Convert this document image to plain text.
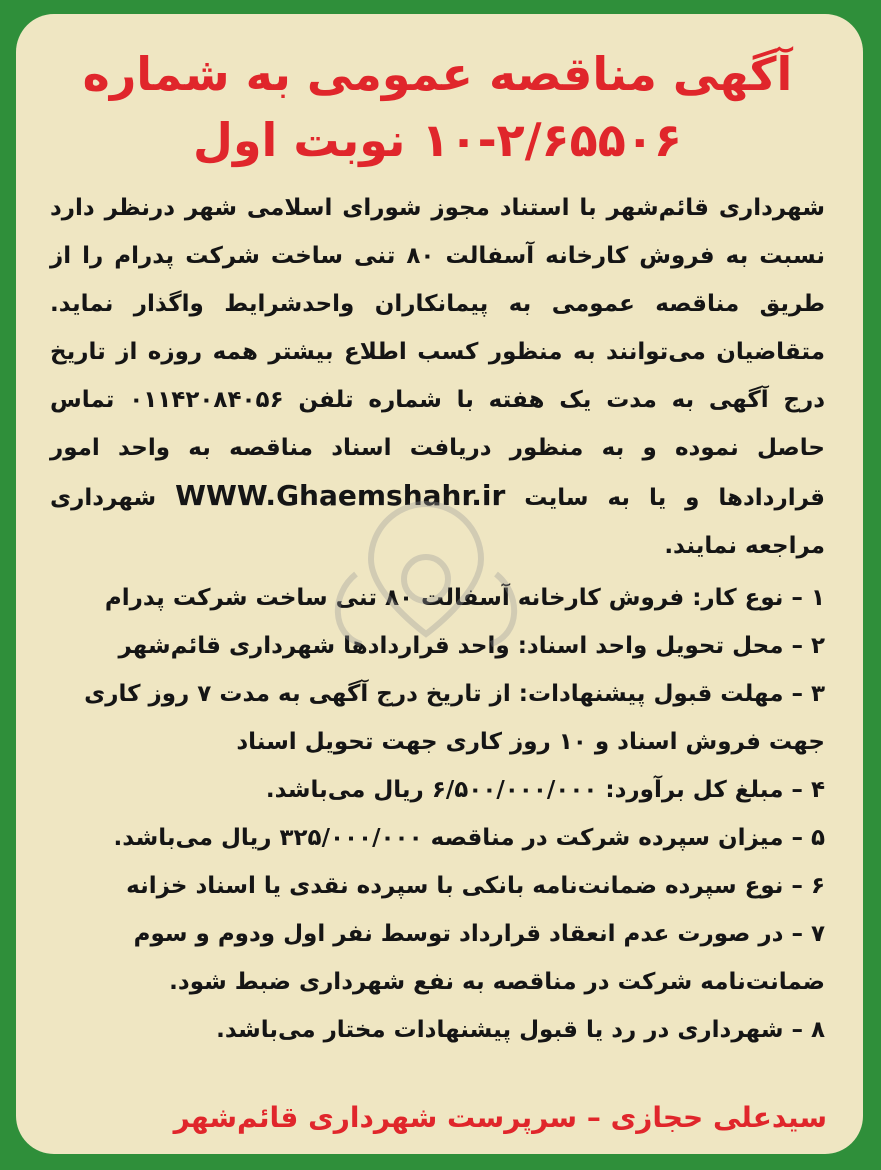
آگهی مناقصه عمومی به شماره
۱۰-۲/۶۵۵۰۶ نوبت اول

شهرداری قائم‌شهر با استناد مجوز شورای اسلامی شهر درنظر دارد نسبت به فروش کارخانه آسفالت ۸۰ تنی ساخت شرکت پدرام را از طریق مناقصه عمومی به پیمانکاران واحدشرایط واگذار نماید. متقاضیان می‌توانند به منظور کسب اطلاع بیشتر همه روزه از تاریخ درج آگهی به مدت یک هفته با شماره تلفن ۰۱۱۴۲۰۸۴۰۵۶ تماس حاصل نموده و به منظور دریافت اسناد مناقصه به واحد امور قراردادها و یا به سایت WWW.Ghaemshahr.ir شهرداری مراجعه نمایند.

۱ – نوع کار: فروش کارخانه آسفالت ۸۰ تنی ساخت شرکت پدرام

۲ – محل تحویل واحد اسناد: واحد قراردادها شهرداری قائم‌شهر

۳ – مهلت قبول پیشنهادات: از تاریخ درج آگهی به مدت ۷ روز کاری جهت فروش اسناد و ۱۰ روز کاری جهت تحویل اسناد

۴ – مبلغ کل برآورد: ۶/۵۰۰/۰۰۰/۰۰۰ ریال می‌باشد.

۵ – میزان سپرده شرکت در مناقصه ۳۲۵/۰۰۰/۰۰۰ ریال می‌باشد.

۶ – نوع سپرده ضمانت‌نامه بانکی با سپرده نقدی یا اسناد خزانه

۷ – در صورت عدم انعقاد قرارداد توسط نفر اول ودوم و سوم ضمانت‌نامه شرکت در مناقصه به نفع شهرداری ضبط شود.

۸ – شهرداری در رد یا قبول پیشنهادات مختار می‌باشد.

سیدعلی حجازی – سرپرست شهرداری قائم‌شهر
